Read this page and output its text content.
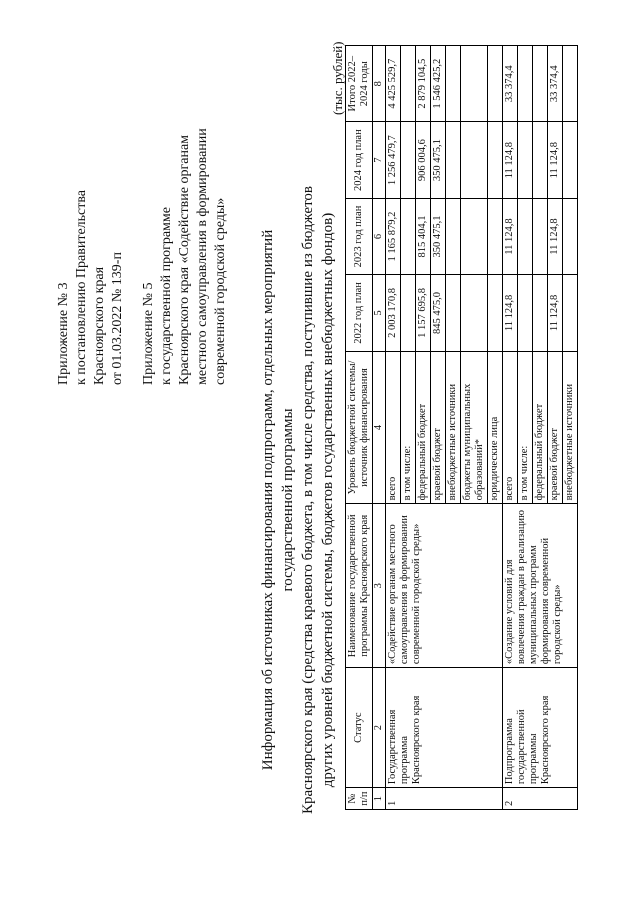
Приложение № 3 к постановлению Правительства Красноярского края от 01.03.2022 № 139-п Приложение № 5 к государственной программе Красноярского края «Содействие органам местного самоуправления в формировании современной городской среды» Информация об источниках финансирования подпрограмм, отдельных мероприятий государственной программы Красноярского края (средства краевого бюджета, в том числе средства, поступившие из бюджетов других уровней бюджетной системы, бюджетов государственных внебюджетных фондов)
(тыс. рублей)
№ п/п	Статус	Наименование государственной программы Красноярского края	Уровень бюджетной системы/источник финансирования	2022 год план	2023 год план	2024 год план	Итого 2022–2024 годы
1	2	3	4	5	6	7	8
1	Государственная программа Красноярского края	«Содействие органам местного самоуправления в формировании современной городской среды»	всего	2 003 170,8	1 165 879,2	1 256 479,7	4 425 529,7
			в том числе:				
			федеральный бюджет	1 157 695,8	815 404,1	906 004,6	2 879 104,5
			краевой бюджет	845 475,0	350 475,1	350 475,1	1 546 425,2
			внебюджетные источники				
			бюджеты муниципальных образований*				
			юридические лица				
2	Подпрограмма государственной программы Красноярского края	«Создание условий для вовлечения граждан в реализацию муниципальных программ формирования современной городской среды»	всего	11 124,8	11 124,8	11 124,8	33 374,4
			в том числе:				
			федеральный бюджет				
			краевой бюджет	11 124,8	11 124,8	11 124,8	33 374,4
			внебюджетные источники				
